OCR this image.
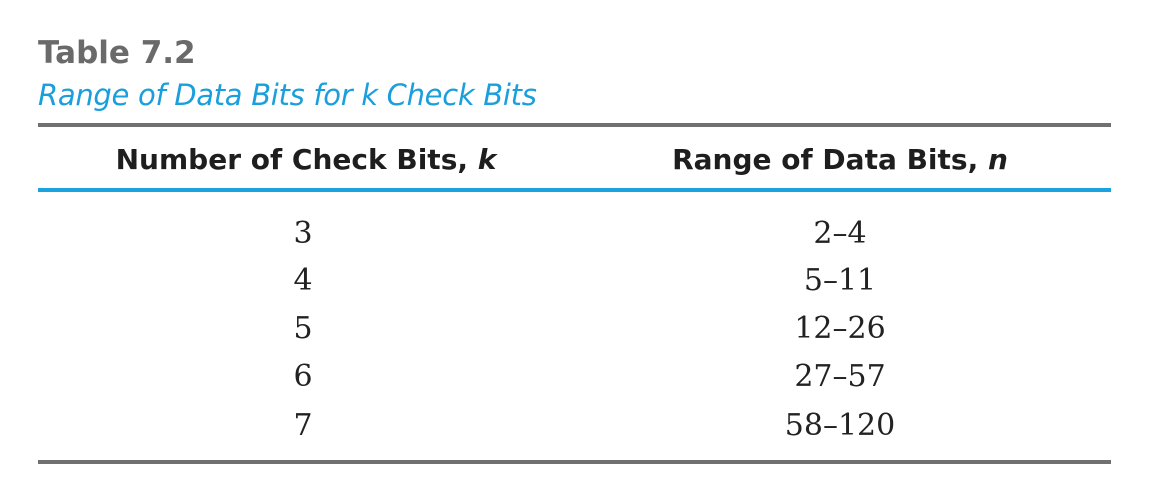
Table 7.2
Range of Data Bits for k Check Bits
Number of Check Bits, k	Range of Data Bits, n
3	2–4
4	5–11
5	12–26
6	27–57
7	58–120
